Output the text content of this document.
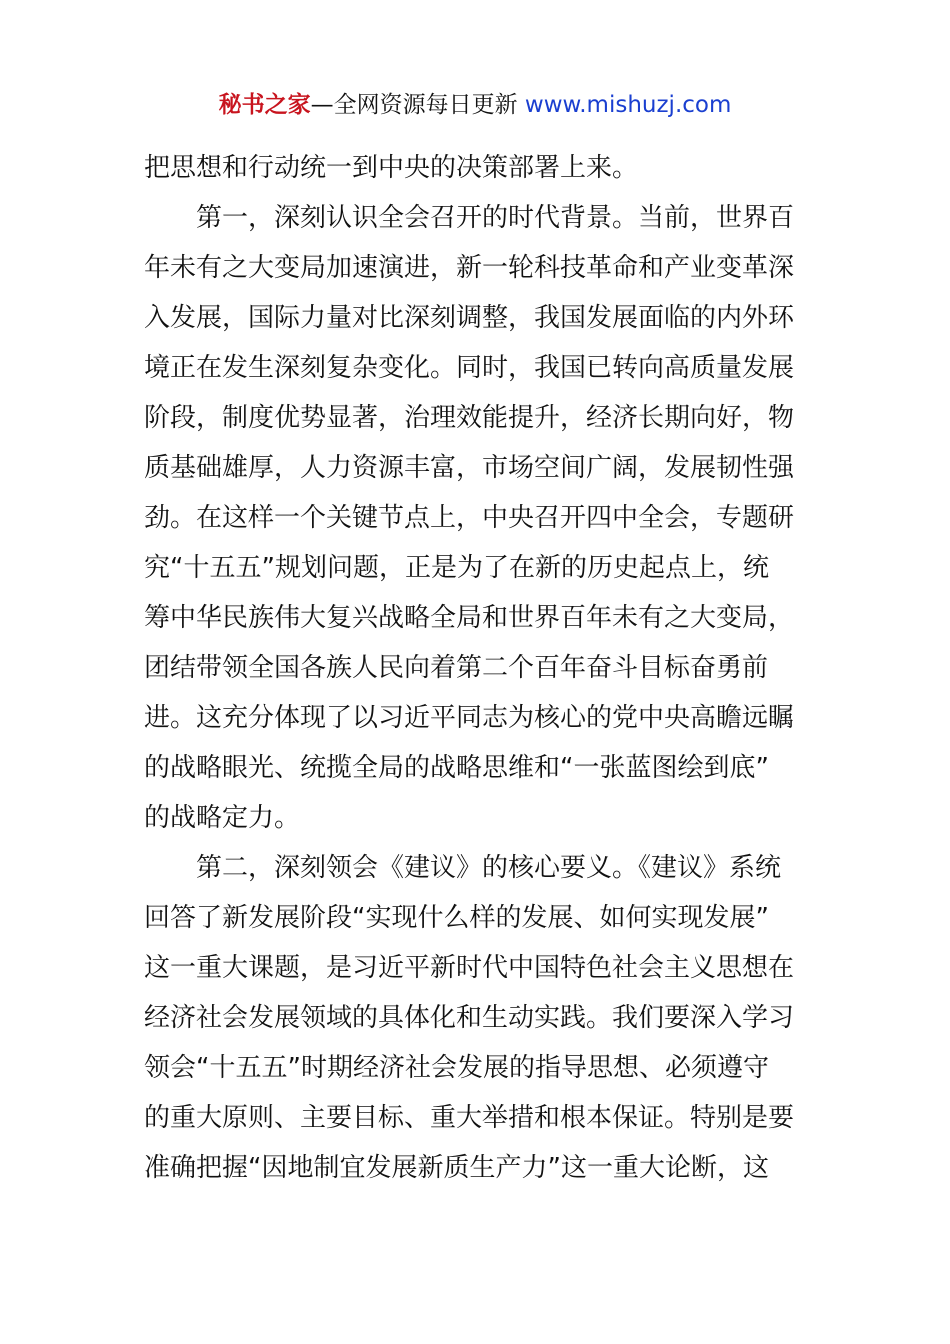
秘书之家—全网资源每日更新 www.mishuzj.com
把思想和行动统一到中央的决策部署上来。
　　第一，深刻认识全会召开的时代背景。当前，世界百
年未有之大变局加速演进，新一轮科技革命和产业变革深
入发展，国际力量对比深刻调整，我国发展面临的内外环
境正在发生深刻复杂变化。同时，我国已转向高质量发展
阶段，制度优势显著，治理效能提升，经济长期向好，物
质基础雄厚，人力资源丰富，市场空间广阔，发展韧性强
劲。在这样一个关键节点上，中央召开四中全会，专题研
究“十五五”规划问题，正是为了在新的历史起点上，统
筹中华民族伟大复兴战略全局和世界百年未有之大变局，
团结带领全国各族人民向着第二个百年奋斗目标奋勇前
进。这充分体现了以习近平同志为核心的党中央高瞻远瞩
的战略眼光、统揽全局的战略思维和“一张蓝图绘到底”
的战略定力。
　　第二，深刻领会《建议》的核心要义。《建议》系统
回答了新发展阶段“实现什么样的发展、如何实现发展”
这一重大课题，是习近平新时代中国特色社会主义思想在
经济社会发展领域的具体化和生动实践。我们要深入学习
领会“十五五”时期经济社会发展的指导思想、必须遵守
的重大原则、主要目标、重大举措和根本保证。特别是要
准确把握“因地制宜发展新质生产力”这一重大论断，这
